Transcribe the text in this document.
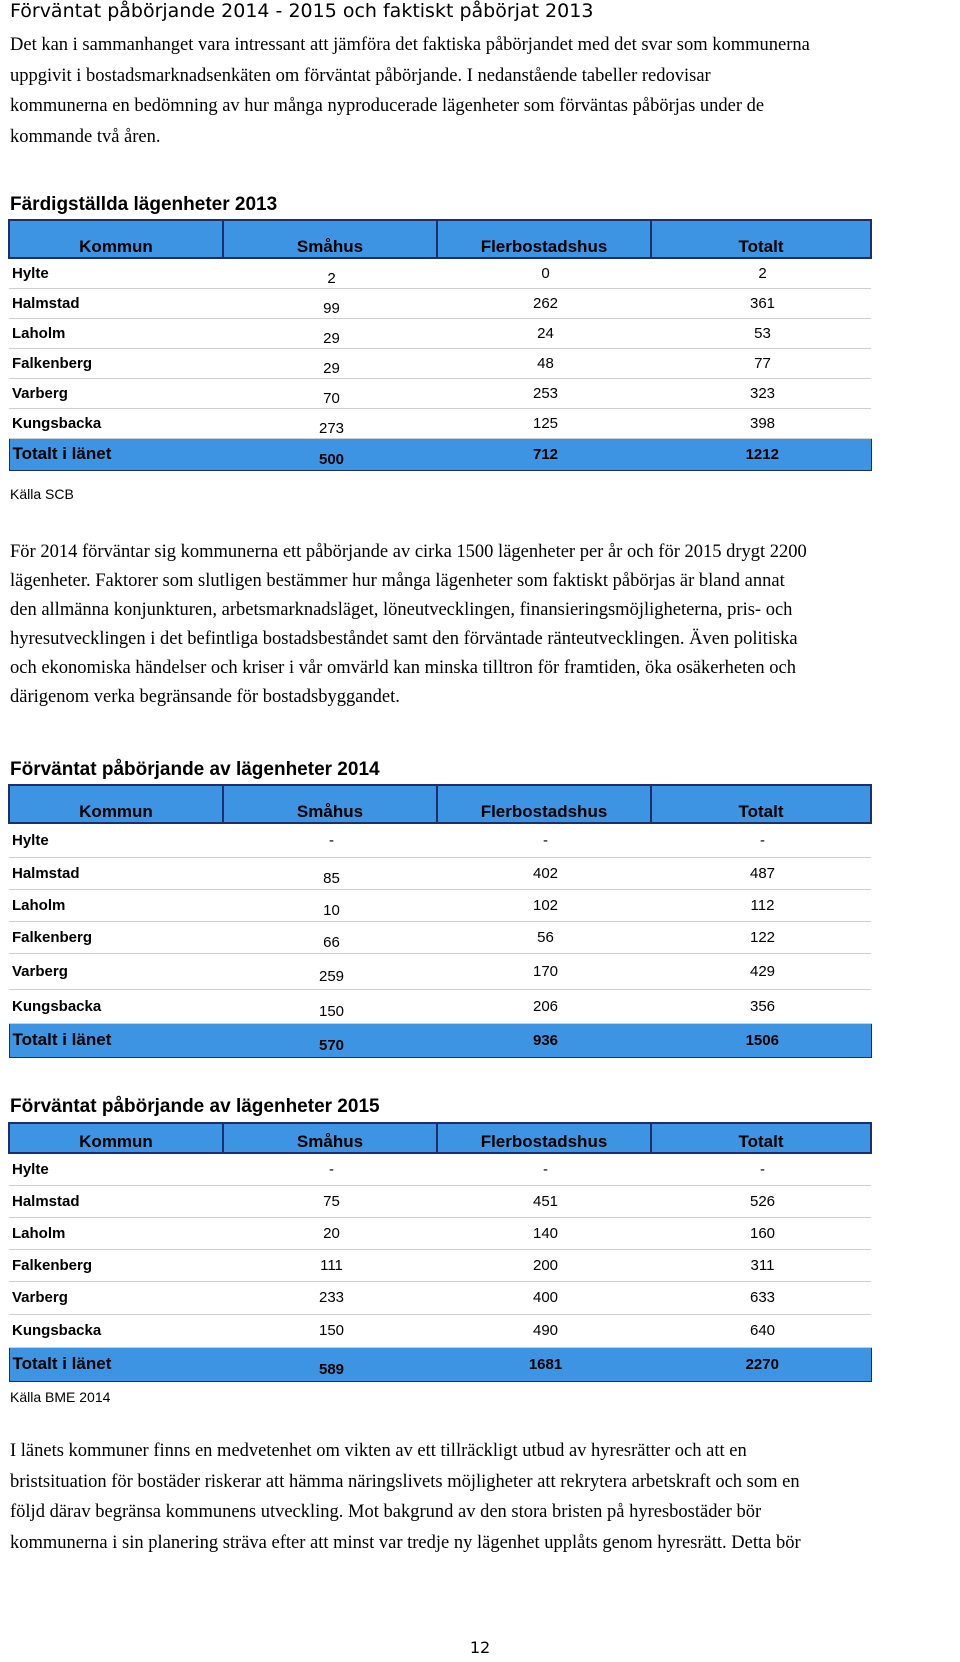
Förväntat påbörjande 2014 - 2015 och faktiskt påbörjat 2013

Det kan i sammanhanget vara intressant att jämföra det faktiska påbörjandet med det svar som kommunerna
uppgivit i bostadsmarknadsenkäten om förväntat påbörjande. I nedanstående tabeller redovisar
kommunerna en bedömning av hur många nyproducerade lägenheter som förväntas påbörjas under de
kommande två åren.

Färdigställda lägenheter 2013
Kommun	Småhus	Flerbostadshus	Totalt
Hylte	2	0	2
Halmstad	99	262	361
Laholm	29	24	53
Falkenberg	29	48	77
Varberg	70	253	323
Kungsbacka	273	125	398
Totalt i länet	500	712	1212

Källa SCB

För 2014 förväntar sig kommunerna ett påbörjande av cirka 1500 lägenheter per år och för 2015 drygt 2200
lägenheter. Faktorer som slutligen bestämmer hur många lägenheter som faktiskt påbörjas är bland annat
den allmänna konjunkturen, arbetsmarknadsläget, löneutvecklingen, finansieringsmöjligheterna, pris- och
hyresutvecklingen i det befintliga bostadsbeståndet samt den förväntade ränteutvecklingen. Även politiska
och ekonomiska händelser och kriser i vår omvärld kan minska tilltron för framtiden, öka osäkerheten och
därigenom verka begränsande för bostadsbyggandet.

Förväntat påbörjande av lägenheter 2014
Kommun	Småhus	Flerbostadshus	Totalt
Hylte	-	-	-
Halmstad	85	402	487
Laholm	10	102	112
Falkenberg	66	56	122
Varberg	259	170	429
Kungsbacka	150	206	356
Totalt i länet	570	936	1506
Förväntat påbörjande av lägenheter 2015
Kommun	Småhus	Flerbostadshus	Totalt
Hylte	-	-	-
Halmstad	75	451	526
Laholm	20	140	160
Falkenberg	111	200	311
Varberg	233	400	633
Kungsbacka	150	490	640
Totalt i länet	589	1681	2270

Källa BME 2014

I länets kommuner finns en medvetenhet om vikten av ett tillräckligt utbud av hyresrätter och att en
bristsituation för bostäder riskerar att hämma näringslivets möjligheter att rekrytera arbetskraft och som en
följd därav begränsa kommunens utveckling. Mot bakgrund av den stora bristen på hyresbostäder bör
kommunerna i sin planering sträva efter att minst var tredje ny lägenhet upplåts genom hyresrätt. Detta bör

12
